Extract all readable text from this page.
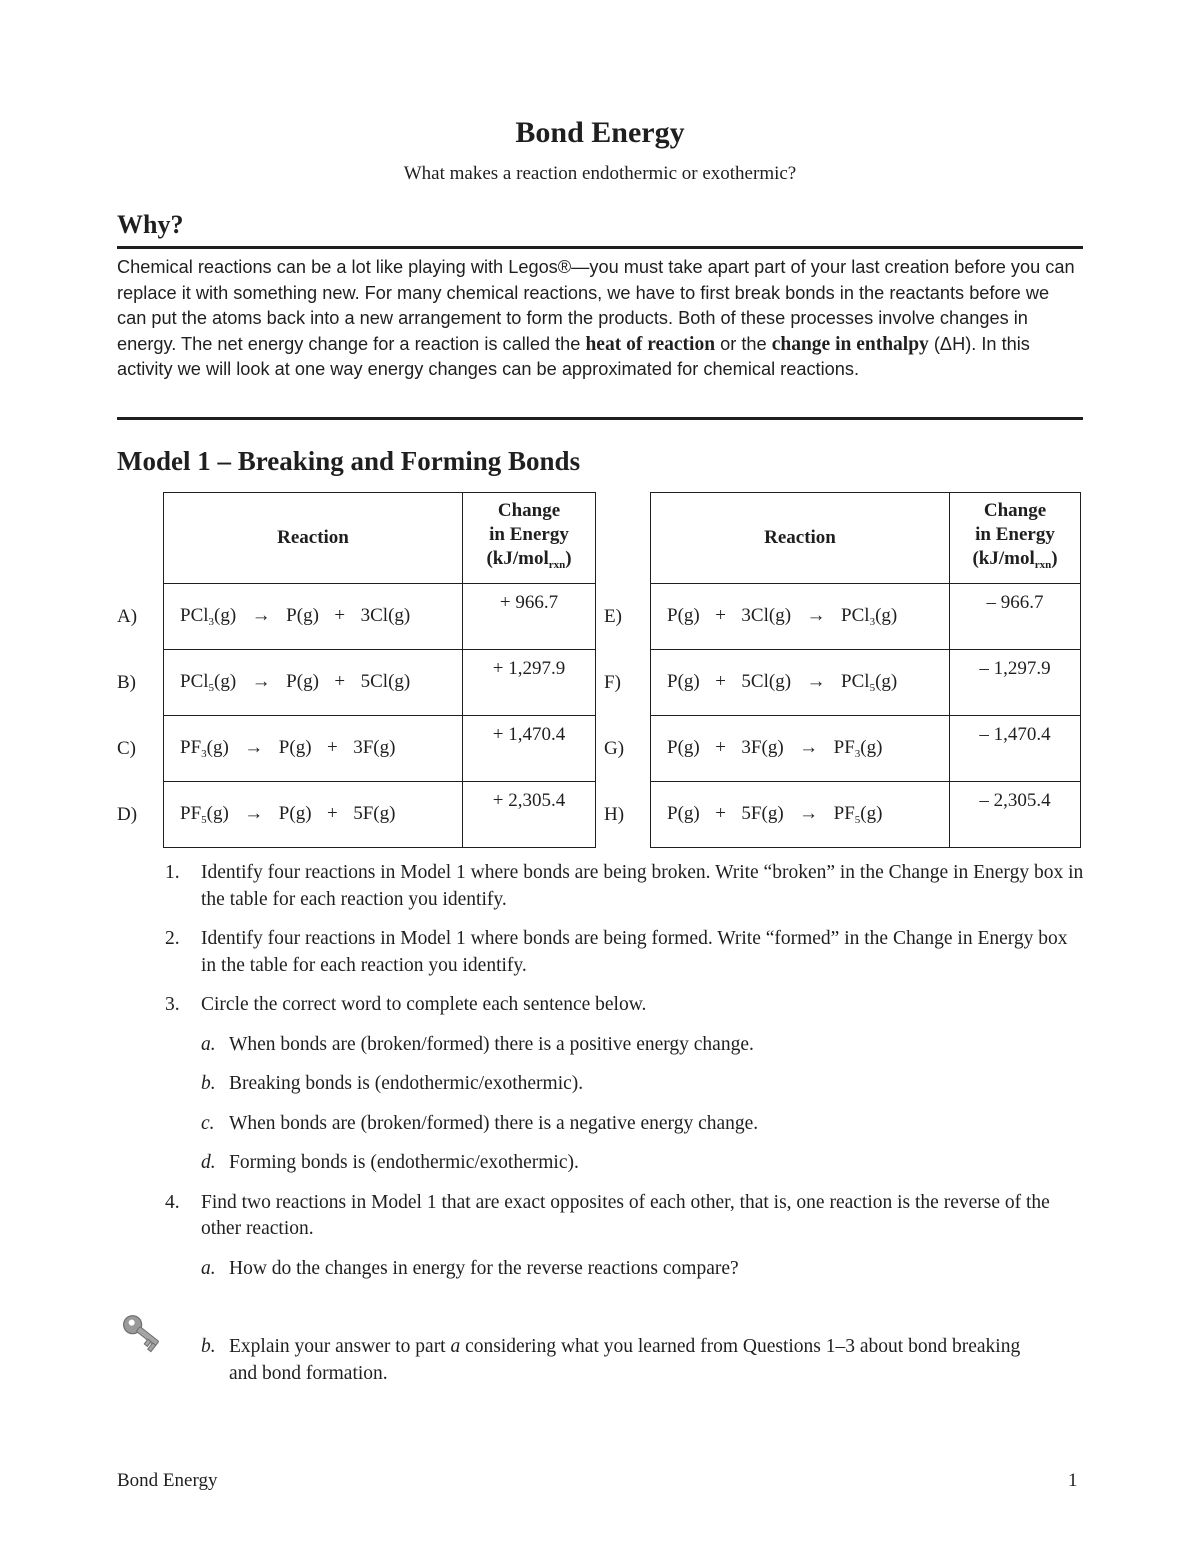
Bond Energy
What makes a reaction endothermic or exothermic?
Why?
Chemical reactions can be a lot like playing with Legos®—you must take apart part of your last creation before you can replace it with something new. For many chemical reactions, we have to first break bonds in the reactants before we can put the atoms back into a new arrangement to form the products. Both of these processes involve changes in energy. The net energy change for a reaction is called the heat of reaction or the change in enthalpy (ΔH). In this activity we will look at one way energy changes can be approximated for chemical reactions.
Model 1 – Breaking and Forming Bonds
	Reaction	Change
in Energy
(kJ/mol$_{rxn}$)

A)	PCl$_3$(g)  →  P(g)  +  3Cl(g)	+ 966.7
B)	PCl$_5$(g)  →  P(g)  +  5Cl(g)	+ 1,297.9
C)	$PF_3(g) \to P(g) + 3F(g)$	+ 1,470.4
D)	$PF_5(g) \to P(g) + 5F(g)$	+ 2,305.4
	Reaction	Change
in Energy
(kJ/mol$_{rxn}$)

E)	P(g)  +  3Cl(g)  →  PCl$_3$(g)	– 966.7
F)	P(g)  +  5Cl(g)  →  PCl$_5$(g)	– 1,297.9
G)	$P(g) + 3F(g) \to PF_3(g)$	– 1,470.4
H)	$P(g) + 5F(g) \to PF_5(g)$	– 2,305.4
1. Identify four reactions in Model 1 where bonds are being broken. Write “broken” in the Change in Energy box in the table for each reaction you identify.
2. Identify four reactions in Model 1 where bonds are being formed. Write “formed” in the Change in Energy box in the table for each reaction you identify.
3. Circle the correct word to complete each sentence below.
a. When bonds are (broken/formed) there is a positive energy change.
b. Breaking bonds is (endothermic/exothermic).
c. When bonds are (broken/formed) there is a negative energy change.
d. Forming bonds is (endothermic/exothermic).
4. Find two reactions in Model 1 that are exact opposites of each other, that is, one reaction is the reverse of the other reaction.
a. How do the changes in energy for the reverse reactions compare?
b. Explain your answer to part a considering what you learned from Questions 1–3 about bond breaking and bond formation.
Bond Energy	1
